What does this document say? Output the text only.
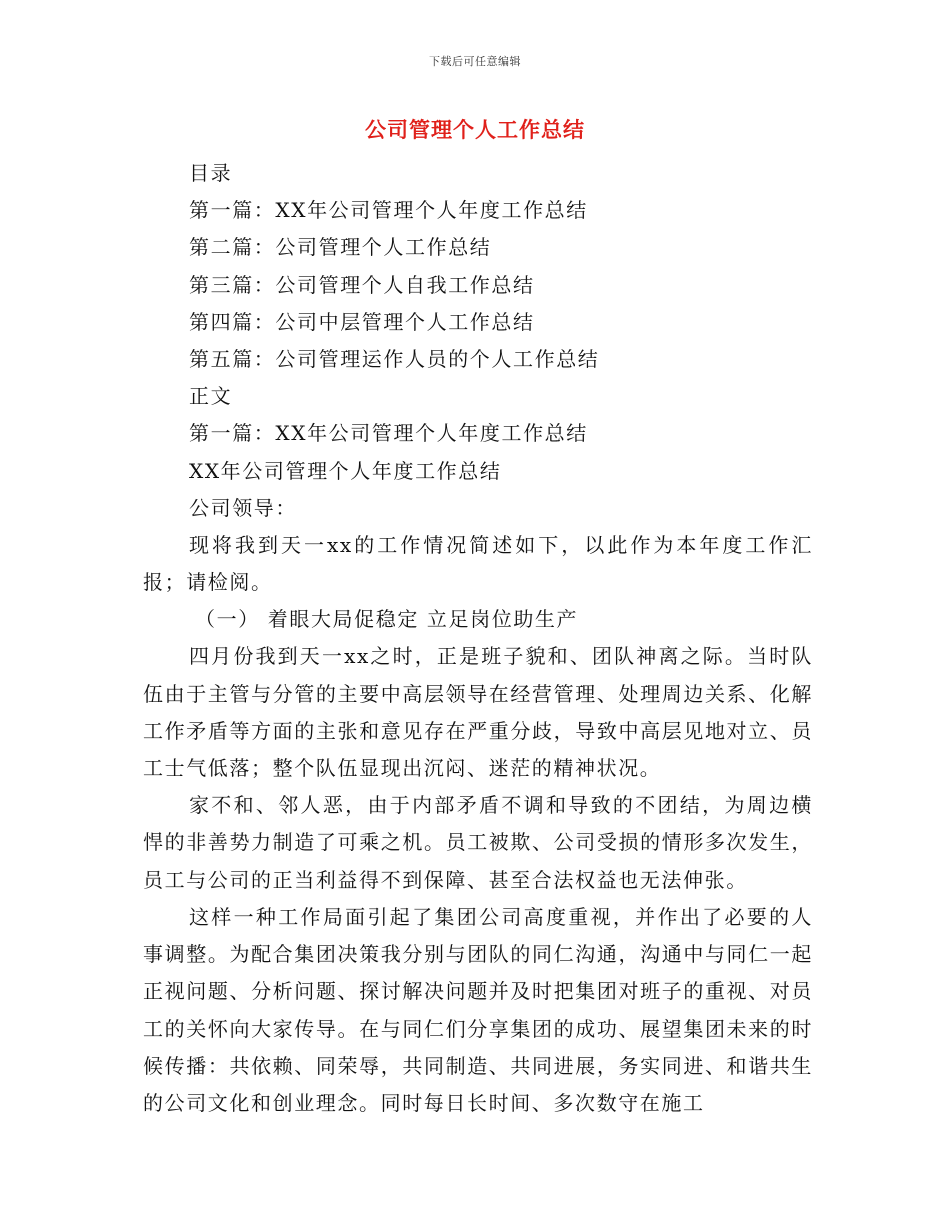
下载后可任意编辑
公司管理个人工作总结
目录
第一篇：XX年公司管理个人年度工作总结
第二篇：公司管理个人工作总结
第三篇：公司管理个人自我工作总结
第四篇：公司中层管理个人工作总结
第五篇：公司管理运作人员的个人工作总结
正文
第一篇：XX年公司管理个人年度工作总结
XX年公司管理个人年度工作总结
公司领导：
现将我到天一xx的工作情况简述如下，以此作为本年度工作汇报；请检阅。
（一） 着眼大局促稳定 立足岗位助生产
四月份我到天一xx之时，正是班子貌和、团队神离之际。当时队伍由于主管与分管的主要中高层领导在经营管理、处理周边关系、化解工作矛盾等方面的主张和意见存在严重分歧，导致中高层见地对立、员工士气低落；整个队伍显现出沉闷、迷茫的精神状况。
家不和、邻人恶，由于内部矛盾不调和导致的不团结，为周边横悍的非善势力制造了可乘之机。员工被欺、公司受损的情形多次发生，员工与公司的正当利益得不到保障、甚至合法权益也无法伸张。
这样一种工作局面引起了集团公司高度重视，并作出了必要的人事调整。为配合集团决策我分别与团队的同仁沟通，沟通中与同仁一起正视问题、分析问题、探讨解决问题并及时把集团对班子的重视、对员工的关怀向大家传导。在与同仁们分享集团的成功、展望集团未来的时候传播：共依赖、同荣辱，共同制造、共同进展，务实同进、和谐共生的公司文化和创业理念。同时每日长时间、多次数守在施工
